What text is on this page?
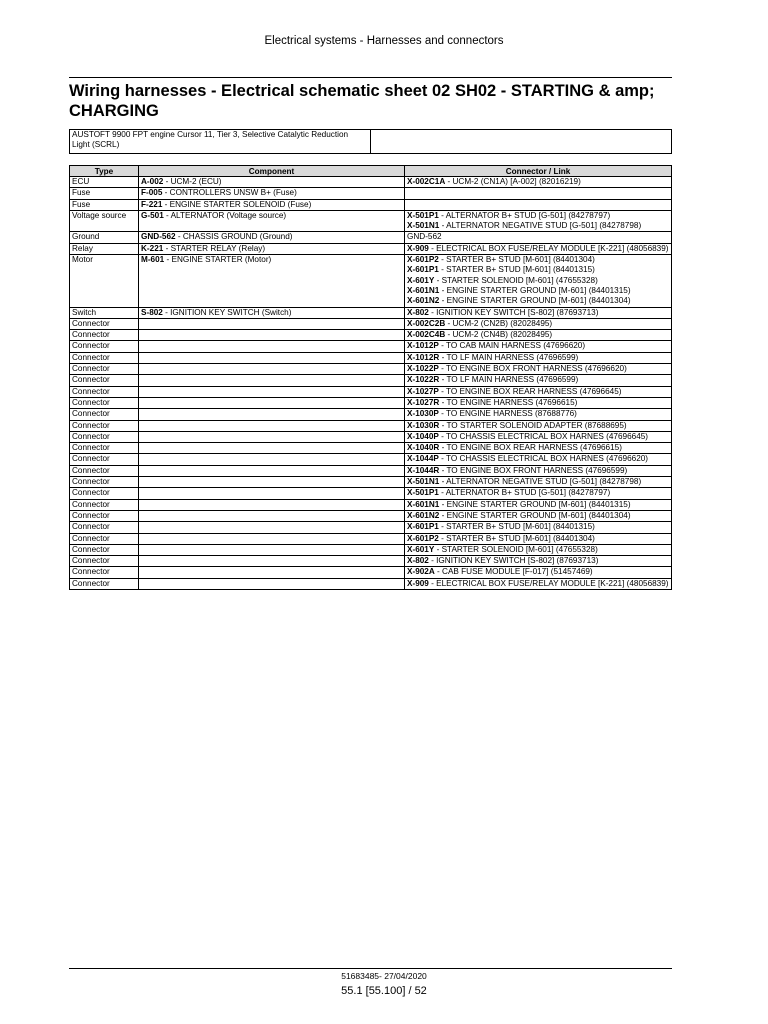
Electrical systems - Harnesses and connectors
Wiring harnesses - Electrical schematic sheet 02 SH02 - STARTING & amp; CHARGING
AUSTOFT 9900 FPT engine Cursor 11, Tier 3, Selective Catalytic Reduction Light (SCRL)	
Type	Component	Connector / Link
ECU	A-002 - UCM-2 (ECU)	X-002C1A - UCM-2 (CN1A) [A-002] (82016219)

Fuse	F-005 - CONTROLLERS UNSW B+ (Fuse)	

Fuse	F-221 - ENGINE STARTER SOLENOID (Fuse)	

Voltage source	G-501 - ALTERNATOR (Voltage source)	X-501P1 - ALTERNATOR B+ STUD [G-501] (84278797)
X-501N1 - ALTERNATOR NEGATIVE STUD [G-501] (84278798)

Ground	GND-562 - CHASSIS GROUND (Ground)	GND-562

Relay	K-221 - STARTER RELAY (Relay)	X-909 - ELECTRICAL BOX FUSE/RELAY MODULE [K-221] (48056839)

Motor	M-601 - ENGINE STARTER (Motor)	X-601P2 - STARTER B+ STUD [M-601] (84401304)
X-601P1 - STARTER B+ STUD [M-601] (84401315)
X-601Y - STARTER SOLENOID [M-601] (47655328)
X-601N1 - ENGINE STARTER GROUND [M-601] (84401315)
X-601N2 - ENGINE STARTER GROUND [M-601] (84401304)

Switch	S-802 - IGNITION KEY SWITCH (Switch)	X-802 - IGNITION KEY SWITCH [S-802] (87693713)

Connector		X-002C2B - UCM-2 (CN2B) (82028495)

Connector		X-002C4B - UCM-2 (CN4B) (82028495)

Connector		X-1012P - TO CAB MAIN HARNESS (47696620)

Connector		X-1012R - TO LF MAIN HARNESS (47696599)

Connector		X-1022P - TO ENGINE BOX FRONT HARNESS (47696620)

Connector		X-1022R - TO LF MAIN HARNESS (47696599)

Connector		X-1027P - TO ENGINE BOX REAR HARNESS (47696645)

Connector		X-1027R - TO ENGINE HARNESS (47696615)

Connector		X-1030P - TO ENGINE HARNESS (87688776)

Connector		X-1030R - TO STARTER SOLENOID ADAPTER (87688695)

Connector		X-1040P - TO CHASSIS ELECTRICAL BOX HARNES (47696645)

Connector		X-1040R - TO ENGINE BOX REAR HARNESS (47696615)

Connector		X-1044P - TO CHASSIS ELECTRICAL BOX HARNES (47696620)

Connector		X-1044R - TO ENGINE BOX FRONT HARNESS (47696599)

Connector		X-501N1 - ALTERNATOR NEGATIVE STUD [G-501] (84278798)

Connector		X-501P1 - ALTERNATOR B+ STUD [G-501] (84278797)

Connector		X-601N1 - ENGINE STARTER GROUND [M-601] (84401315)

Connector		X-601N2 - ENGINE STARTER GROUND [M-601] (84401304)

Connector		X-601P1 - STARTER B+ STUD [M-601] (84401315)

Connector		X-601P2 - STARTER B+ STUD [M-601] (84401304)

Connector		X-601Y - STARTER SOLENOID [M-601] (47655328)

Connector		X-802 - IGNITION KEY SWITCH [S-802] (87693713)

Connector		X-902A - CAB FUSE MODULE [F-017] (51457469)

Connector		X-909 - ELECTRICAL BOX FUSE/RELAY MODULE [K-221] (48056839)
51683485- 27/04/2020
55.1 [55.100] / 52
